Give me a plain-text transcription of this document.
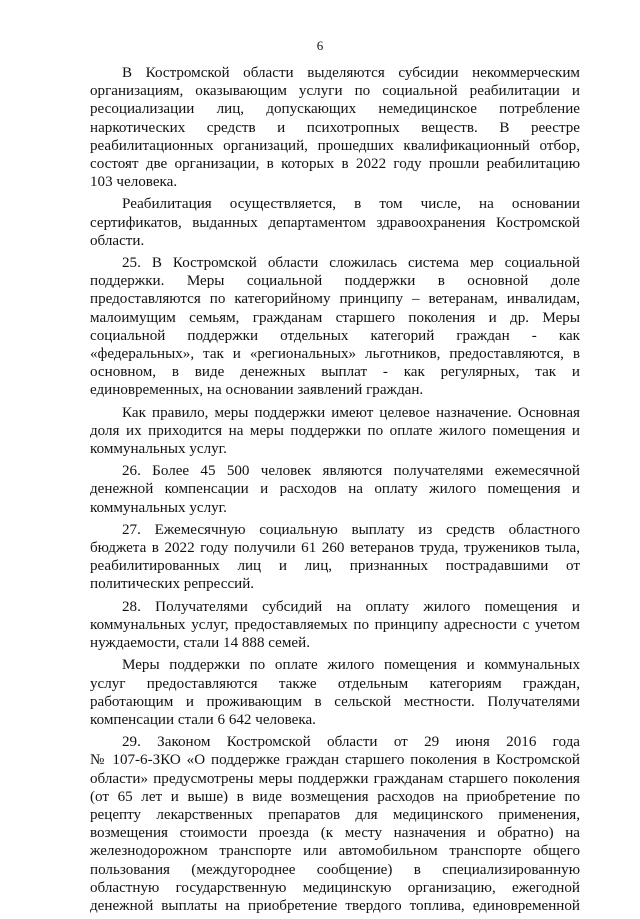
6
В Костромской области выделяются субсидии некоммерческим
организациям, оказывающим услуги по социальной реабилитации и
ресоциализации лиц, допускающих немедицинское потребление
наркотических средств и психотропных веществ. В реестре
реабилитационных организаций, прошедших квалификационный отбор,
состоят две организации, в которых в 2022 году прошли реабилитацию
103 человека.
Реабилитация осуществляется, в том числе, на основании
сертификатов, выданных департаментом здравоохранения Костромской
области.
25. В Костромской области сложилась система мер социальной
поддержки. Меры социальной поддержки в основной доле
предоставляются по категорийному принципу – ветеранам, инвалидам,
малоимущим семьям, гражданам старшего поколения и др. Меры
социальной поддержки отдельных категорий граждан - как
«федеральных», так и «региональных» льготников, предоставляются, в
основном, в виде денежных выплат - как регулярных, так и
единовременных, на основании заявлений граждан.
Как правило, меры поддержки имеют целевое назначение. Основная
доля их приходится на меры поддержки по оплате жилого помещения и
коммунальных услуг.
26. Более 45 500 человек являются получателями ежемесячной
денежной компенсации и расходов на оплату жилого помещения и
коммунальных услуг.
27. Ежемесячную социальную выплату из средств областного
бюджета в 2022 году получили 61 260 ветеранов труда, тружеников тыла,
реабилитированных лиц и лиц, признанных пострадавшими от
политических репрессий.
28. Получателями субсидий на оплату жилого помещения и
коммунальных услуг, предоставляемых по принципу адресности с учетом
нуждаемости, стали 14 888 семей.
Меры поддержки по оплате жилого помещения и коммунальных
услуг предоставляются также отдельным категориям граждан,
работающим и проживающим в сельской местности. Получателями
компенсации стали 6 642 человека.
29. Законом Костромской области от 29 июня 2016 года
№ 107-6-ЗКО «О поддержке граждан старшего поколения в Костромской
области» предусмотрены меры поддержки гражданам старшего поколения
(от 65 лет и выше) в виде возмещения расходов на приобретение по
рецепту лекарственных препаратов для медицинского применения,
возмещения стоимости проезда (к месту назначения и обратно) на
железнодорожном транспорте или автомобильном транспорте общего
пользования (междугороднее сообщение) в специализированную
областную государственную медицинскую организацию, ежегодной
денежной выплаты на приобретение твердого топлива, единовременной
